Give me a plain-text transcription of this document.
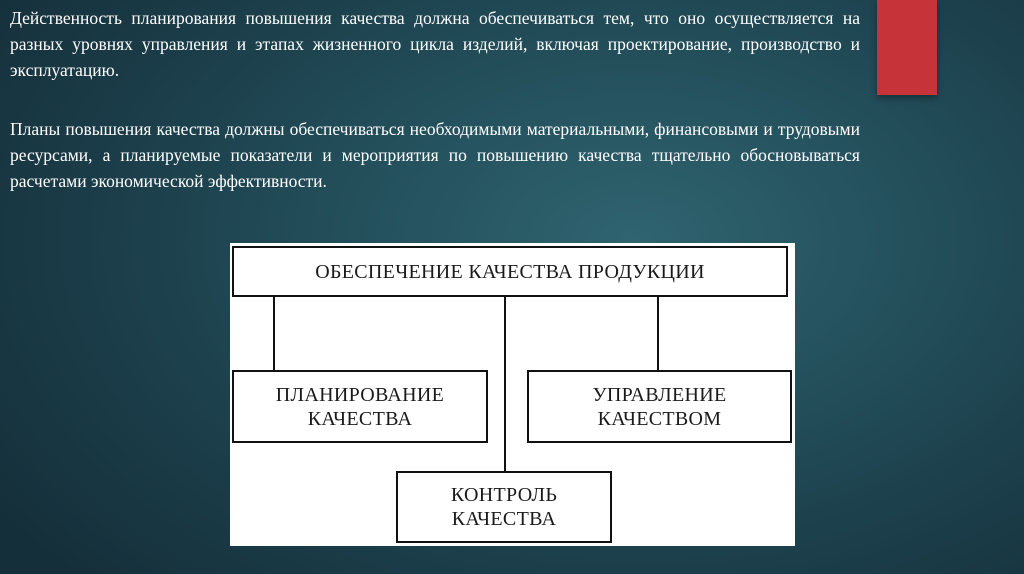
Действенность планирования повышения качества должна обеспечиваться тем, что оно осуществляется на разных уровнях управления и этапах жизненного цикла изделий, включая проектирование, производство и эксплуатацию.

Планы повышения качества должны обеспечиваться необходимыми материальными, финансовыми и трудовыми ресурсами, а планируемые показатели и мероприятия по повышению качества тщательно обосновываться расчетами экономической эффективности.

ОБЕСПЕЧЕНИЕ КАЧЕСТВА ПРОДУКЦИИ
ПЛАНИРОВАНИЕ
КАЧЕСТВА
УПРАВЛЕНИЕ
КАЧЕСТВОМ
КОНТРОЛЬ
КАЧЕСТВА
